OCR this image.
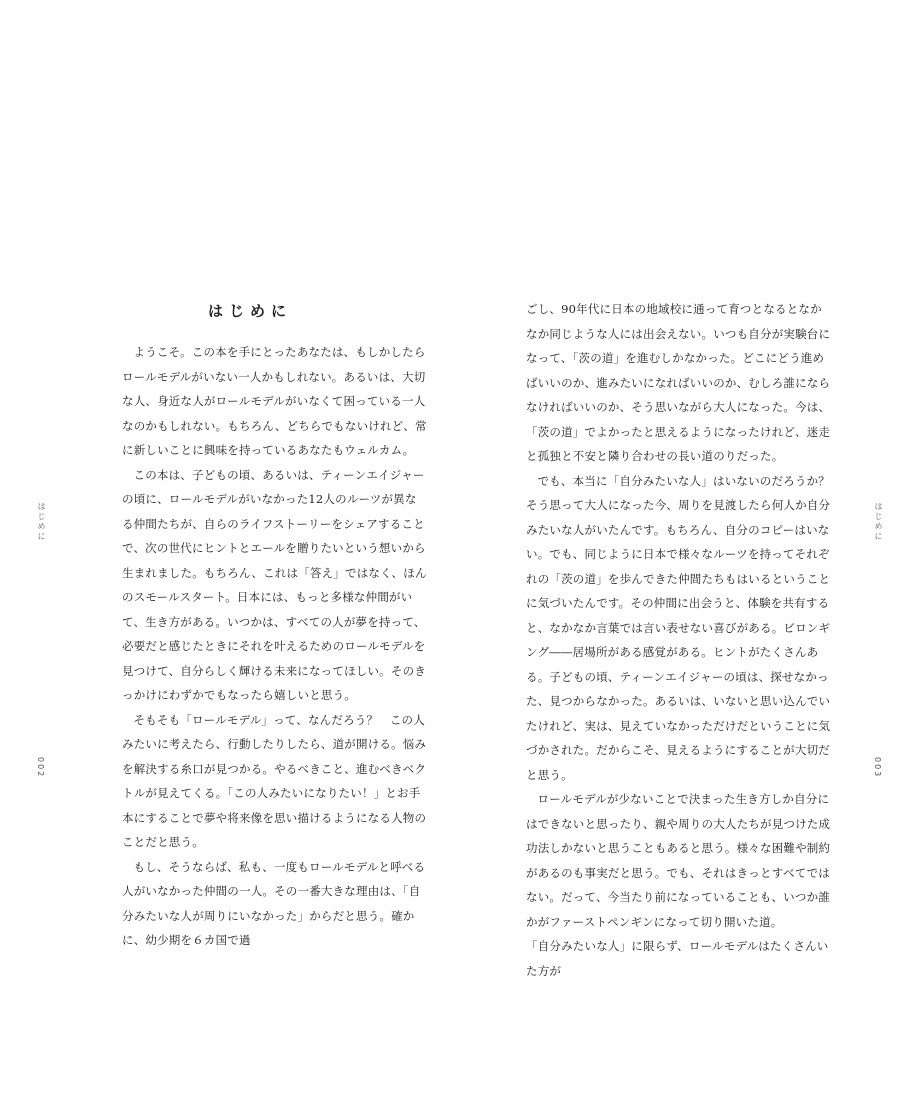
はじめに

ようこそ。この本を手にとったあなたは、もしかしたらロールモデルがいない一人かもしれない。あるいは、大切な人、身近な人がロールモデルがいなくて困っている一人なのかもしれない。もちろん、どちらでもないけれど、常に新しいことに興味を持っているあなたもウェルカム。

この本は、子どもの頃、あるいは、ティーンエイジャーの頃に、ロールモデルがいなかった12人のルーツが異なる仲間たちが、自らのライフストーリーをシェアすることで、次の世代にヒントとエールを贈りたいという想いから生まれました。もちろん、これは「答え」ではなく、ほんのスモールスタート。日本には、もっと多様な仲間がいて、生き方がある。いつかは、すべての人が夢を持って、必要だと感じたときにそれを叶えるためのロールモデルを見つけて、自分らしく輝ける未来になってほしい。そのきっかけにわずかでもなったら嬉しいと思う。

そもそも「ロールモデル」って、なんだろう？　この人みたいに考えたら、行動したりしたら、道が開ける。悩みを解決する糸口が見つかる。やるべきこと、進むべきベクトルが見えてくる。「この人みたいになりたい！」とお手本にすることで夢や将来像を思い描けるようになる人物のことだと思う。

もし、そうならば、私も、一度もロールモデルと呼べる人がいなかった仲間の一人。その一番大きな理由は、「自分みたいな人が周りにいなかった」からだと思う。確かに、幼少期を６カ国で過

ごし、90年代に日本の地域校に通って育つとなるとなかなか同じような人には出会えない。いつも自分が実験台になって、「茨の道」を進むしかなかった。どこにどう進めばいいのか、進みたいになればいいのか、むしろ誰にならなければいいのか、そう思いながら大人になった。今は、「茨の道」でよかったと思えるようになったけれど、迷走と孤独と不安と隣り合わせの長い道のりだった。

でも、本当に「自分みたいな人」はいないのだろうか？　そう思って大人になった今、周りを見渡したら何人か自分みたいな人がいたんです。もちろん、自分のコピーはいない。でも、同じように日本で様々なルーツを持ってそれぞれの「茨の道」を歩んできた仲間たちもはいるということに気づいたんです。その仲間に出会うと、体験を共有すると、なかなか言葉では言い表せない喜びがある。ビロンギング――居場所がある感覚がある。ヒントがたくさんある。子どもの頃、ティーンエイジャーの頃は、探せなかった、見つからなかった。あるいは、いないと思い込んでいたけれど、実は、見えていなかっただけだということに気づかされた。だからこそ、見えるようにすることが大切だと思う。

ロールモデルが少ないことで決まった生き方しか自分にはできないと思ったり、親や周りの大人たちが見つけた成功法しかないと思うこともあると思う。様々な困難や制約があるのも事実だと思う。でも、それはきっとすべてではない。だって、今当たり前になっていることも、いつか誰かがファーストペンギンになって切り開いた道。

「自分みたいな人」に限らず、ロールモデルはたくさんいた方が

はじめに	はじめに
002	003
